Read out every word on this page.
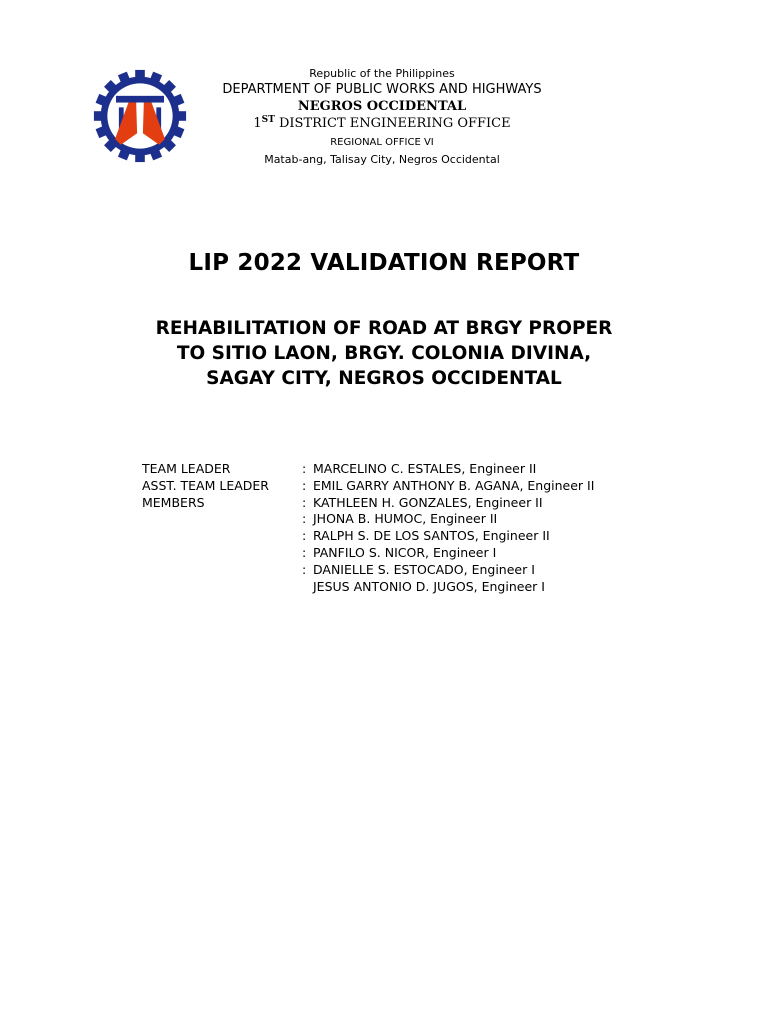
Republic of the Philippines
DEPARTMENT OF PUBLIC WORKS AND HIGHWAYS
NEGROS OCCIDENTAL
1ST DISTRICT ENGINEERING OFFICE
REGIONAL OFFICE VI
Matab-ang, Talisay City, Negros Occidental
LIP 2022 VALIDATION REPORT
REHABILITATION OF ROAD AT BRGY PROPER
TO SITIO LAON, BRGY. COLONIA DIVINA,
SAGAY CITY, NEGROS OCCIDENTAL
TEAM LEADER	: MARCELINO C. ESTALES, Engineer II
ASST. TEAM LEADER	: EMIL GARRY ANTHONY B. AGANA, Engineer II
MEMBERS	: KATHLEEN H. GONZALES, Engineer II
: JHONA B. HUMOC, Engineer II
: RALPH S. DE LOS SANTOS, Engineer II
: PANFILO S. NICOR, Engineer I
: DANIELLE S. ESTOCADO, Engineer I
JESUS ANTONIO D. JUGOS, Engineer I
